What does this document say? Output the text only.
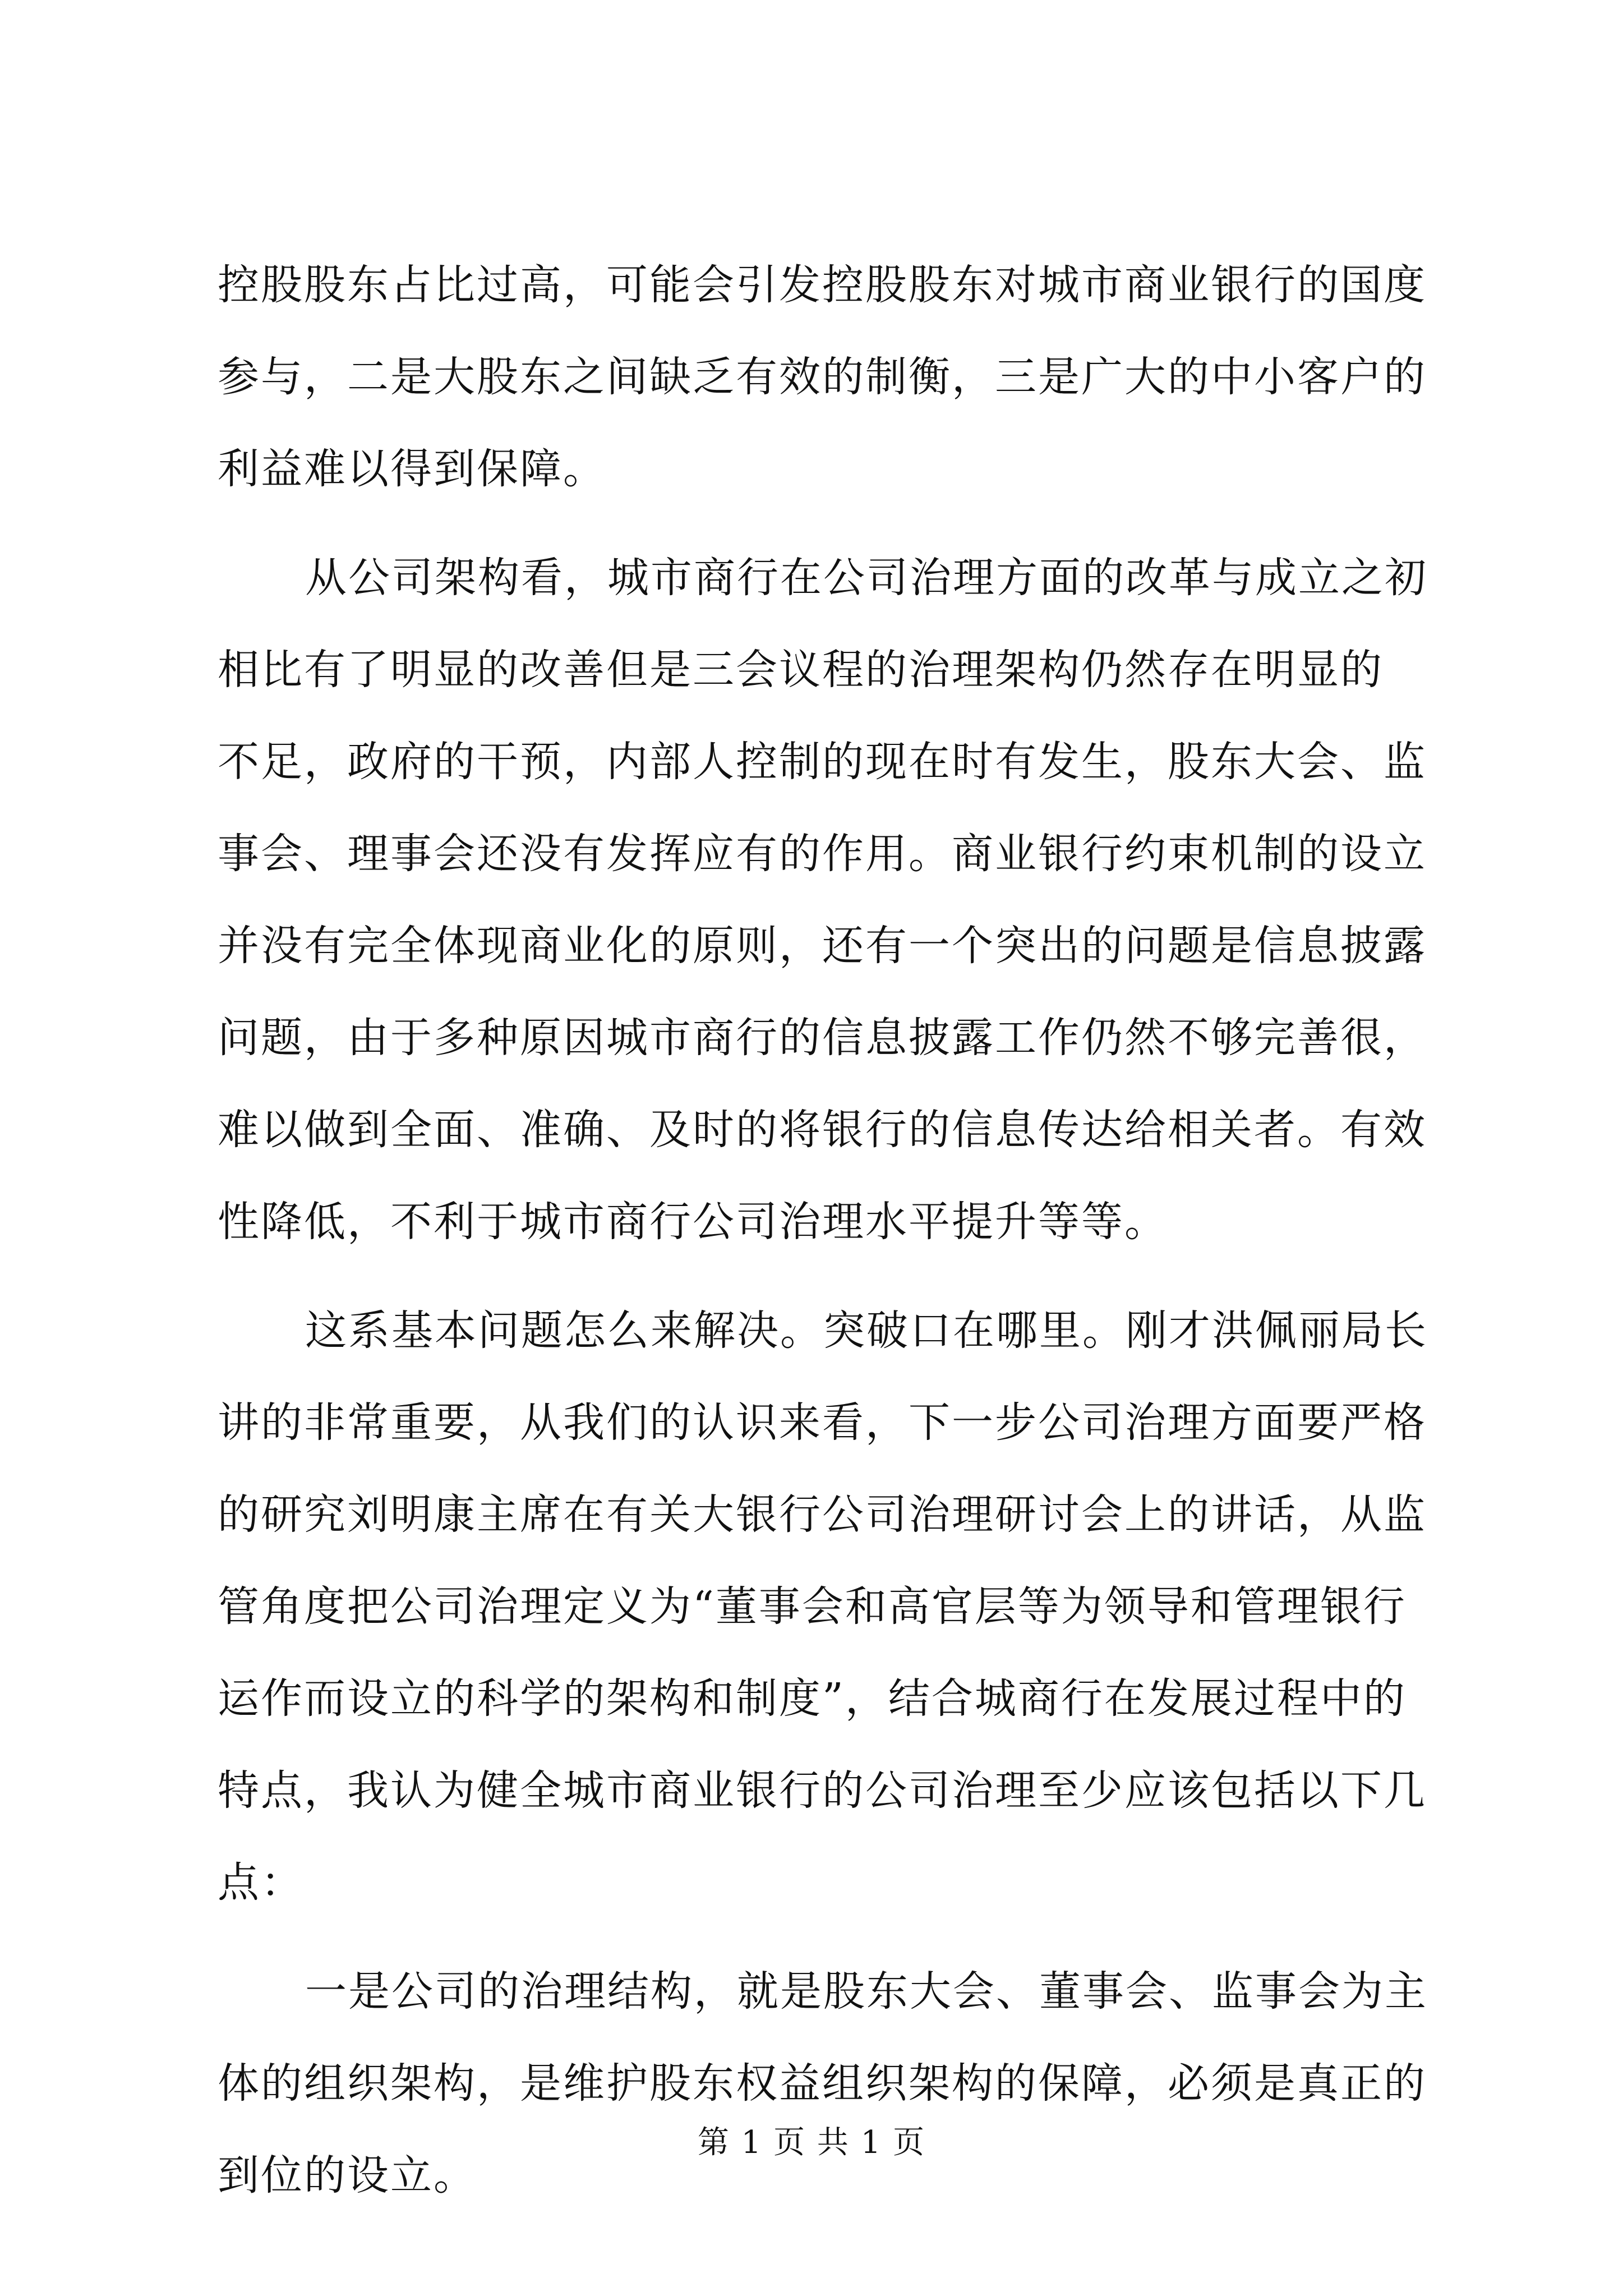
控股股东占比过高，可能会引发控股股东对城市商业银行的国度
参与，二是大股东之间缺乏有效的制衡，三是广大的中小客户的
利益难以得到保障。
从公司架构看，城市商行在公司治理方面的改革与成立之初
相比有了明显的改善但是三会议程的治理架构仍然存在明显的
不足，政府的干预，内部人控制的现在时有发生，股东大会、监
事会、理事会还没有发挥应有的作用。商业银行约束机制的设立
并没有完全体现商业化的原则，还有一个突出的问题是信息披露
问题，由于多种原因城市商行的信息披露工作仍然不够完善很，
难以做到全面、准确、及时的将银行的信息传达给相关者。有效
性降低，不利于城市商行公司治理水平提升等等。
这系基本问题怎么来解决。突破口在哪里。刚才洪佩丽局长
讲的非常重要，从我们的认识来看，下一步公司治理方面要严格
的研究刘明康主席在有关大银行公司治理研讨会上的讲话，从监
管角度把公司治理定义为“董事会和高官层等为领导和管理银行
运作而设立的科学的架构和制度”，结合城商行在发展过程中的
特点，我认为健全城市商业银行的公司治理至少应该包括以下几
点：
一是公司的治理结构，就是股东大会、董事会、监事会为主
体的组织架构，是维护股东权益组织架构的保障，必须是真正的
到位的设立。
第 1 页 共 1 页
